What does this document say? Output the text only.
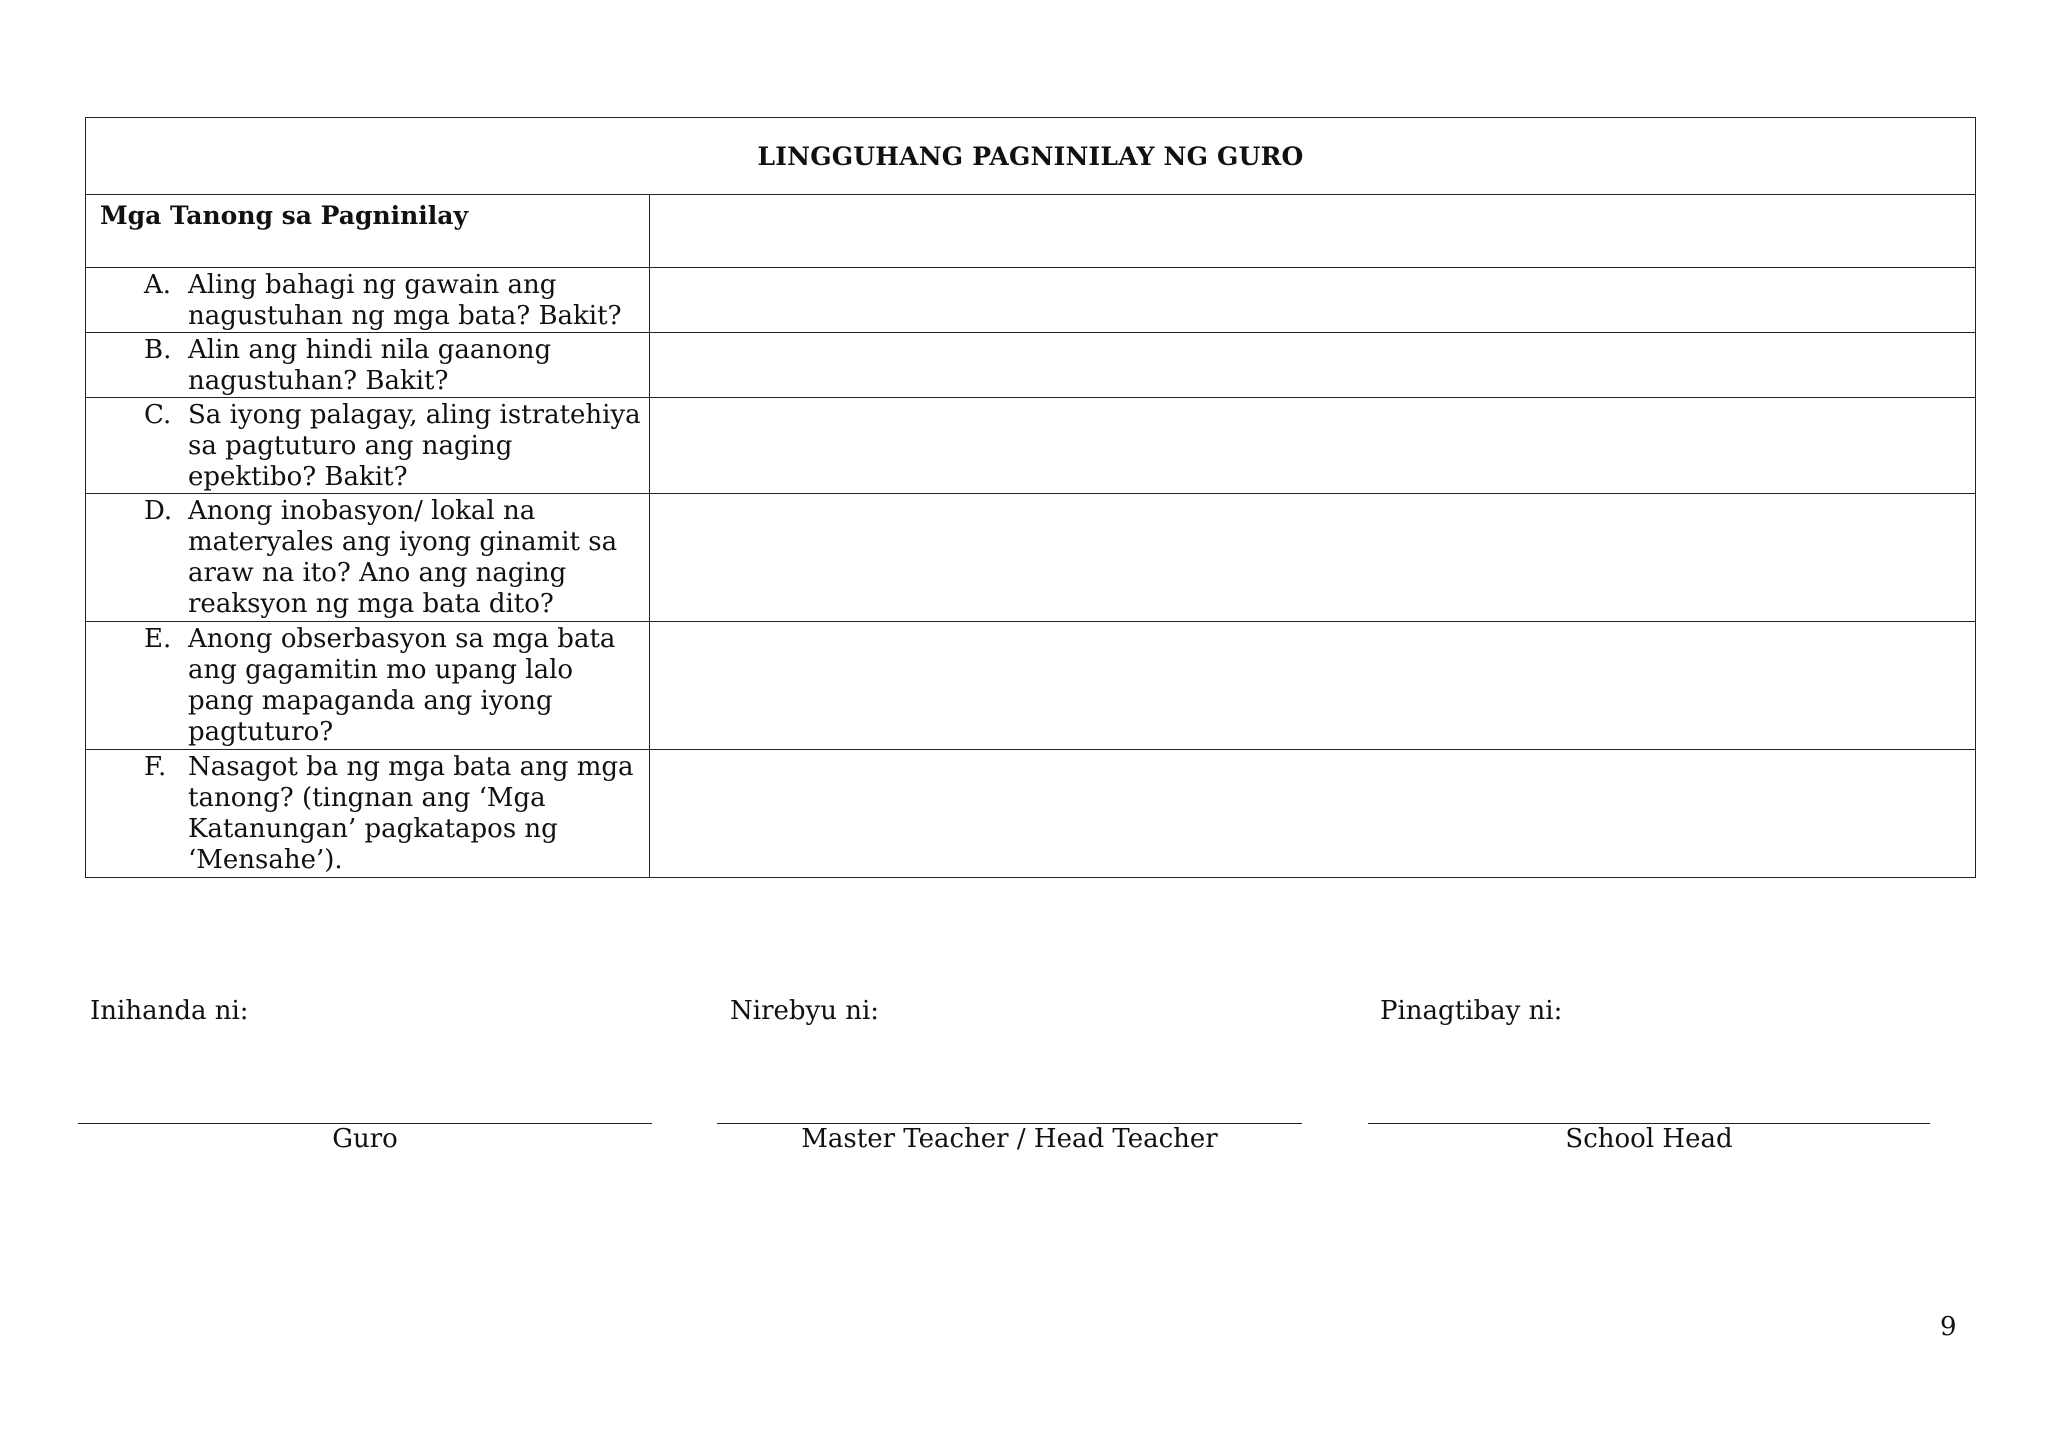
LINGGUHANG PAGNINILAY NG GURO	
Mga Tanong sa Pagninilay	

A. Aling bahagi ng gawain ang nagustuhan ng mga bata? Bakit?	

B. Alin ang hindi nila gaanong nagustuhan? Bakit?	

C. Sa iyong palagay, aling istratehiya sa pagtuturo ang naging epektibo? Bakit?	

D. Anong inobasyon/ lokal na materyales ang iyong ginamit sa araw na ito? Ano ang naging reaksyon ng mga bata dito?	

E. Anong obserbasyon sa mga bata ang gagamitin mo upang lalo pang mapaganda ang iyong pagtuturo?	

F. Nasagot ba ng mga bata ang mga tanong? (tingnan ang ‘Mga Katanungan’ pagkatapos ng ‘Mensahe’).	

Inihanda ni:	Nirebyu ni:	Pinagtibay ni:
Guro	Master Teacher / Head Teacher	School Head
9
